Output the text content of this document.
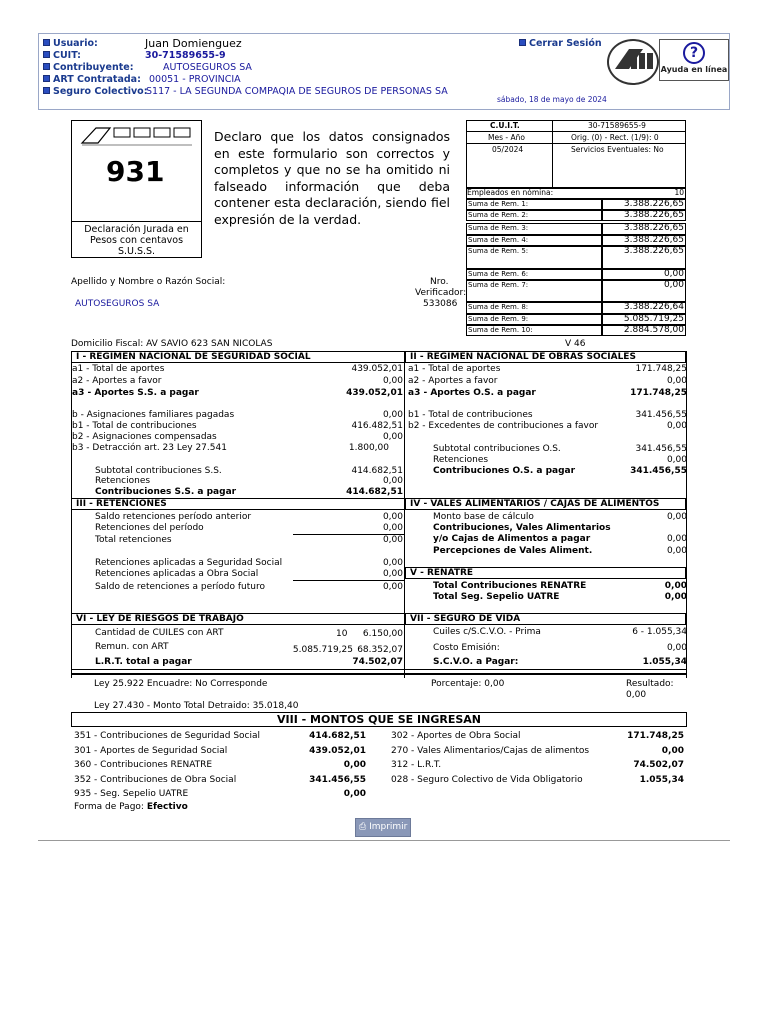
Usuario:	Juan Domienguez
CUIT:	30-71589655-9
Contribuyente:	AUTOSEGUROS SA
ART Contratada: 00051 - PROVINCIA
Seguro Colectivo:
S117 - LA SEGUNDA COMPAQIA DE SEGUROS DE PERSONAS SA
Cerrar Sesión
?
Ayuda en línea
sábado, 18 de mayo de 2024
931
Declaración Jurada en
Pesos con centavos
S.U.S.S.
Declaro que los datos consignados en este formulario son correctos y completos y que no se ha omitido ni falseado información que deba contener esta declaración, siendo fiel expresión de la verdad.
C.U.I.T.	30-71589655-9
Mes - Año	Orig. (0) - Rect. (1/9): 0
05/2024	Servicios Eventuales: No
Empleados en nómina:	10
Suma de Rem. 1:	3.388.226,65
Suma de Rem. 2:	3.388.226,65
Suma de Rem. 3:	3.388.226,65
Suma de Rem. 4:	3.388.226,65
Suma de Rem. 5:	3.388.226,65
Suma de Rem. 6:	0,00
Suma de Rem. 7:	0,00
Suma de Rem. 8:	3.388.226,64
Suma de Rem. 9:	5.085.719,25
Suma de Rem. 10:	2.884.578,00
Apellido y Nombre o Razón Social:
AUTOSEGUROS SA
Nro.
Verificador:
533086
Domicilio Fiscal: AV SAVIO 623 SAN NICOLAS	V 46
I - REGIMEN NACIONAL DE SEGURIDAD SOCIAL	II - REGIMEN NACIONAL DE OBRAS SOCIALES
a1 - Total de aportes	439.052,01
a2 - Aportes a favor	0,00
a3 - Aportes S.S. a pagar	439.052,01
b - Asignaciones familiares pagadas	0,00
b1 - Total de contribuciones	416.482,51
b2 - Asignaciones compensadas	0,00
b3 - Detracción art. 23 Ley 27.541	1.800,00
Subtotal contribuciones S.S.	414.682,51
Retenciones	0,00
Contribuciones S.S. a pagar	414.682,51
a1 - Total de aportes	171.748,25
a2 - Aportes a favor	0,00
a3 - Aportes O.S. a pagar	171.748,25
b1 - Total de contribuciones	341.456,55
b2 - Excedentes de contribuciones a favor	0,00
Subtotal contribuciones O.S.	341.456,55
Retenciones	0,00
Contribuciones O.S. a pagar	341.456,55
III - RETENCIONES
Saldo retenciones período anterior	0,00
Retenciones del período	0,00
Total retenciones	0,00
Retenciones aplicadas a Seguridad Social	0,00
Retenciones aplicadas a Obra Social	0,00
Saldo de retenciones a período futuro	0,00
IV - VALES ALIMENTARIOS / CAJAS DE ALIMENTOS
Monto base de cálculo	0,00
Contribuciones, Vales Alimentarios
y/o Cajas de Alimentos a pagar	0,00
Percepciones de Vales Aliment.	0,00
V - RENATRE
Total Contribuciones RENATRE	0,00
Total Seg. Sepelio UATRE	0,00
VI - LEY DE RIESGOS DE TRABAJO
Cantidad de CUILES con ART	10	6.150,00
Remun. con ART	5.085.719,25 68.352,07
L.R.T. total a pagar	74.502,07
VII - SEGURO DE VIDA
Cuiles c/S.C.V.O. - Prima	6 - 1.055,34
Costo Emisión:	0,00
S.C.V.O. a Pagar:	1.055,34
Ley 25.922 Encuadre: No Corresponde	Porcentaje: 0,00	Resultado:
0,00
Ley 27.430 - Monto Total Detraido: 35.018,40
VIII - MONTOS QUE SE INGRESAN
351 - Contribuciones de Seguridad Social	414.682,51
301 - Aportes de Seguridad Social	439.052,01
360 - Contribuciones RENATRE	0,00
352 - Contribuciones de Obra Social	341.456,55
935 - Seg. Sepelio UATRE	0,00
302 - Aportes de Obra Social	171.748,25
270 - Vales Alimentarios/Cajas de alimentos	0,00
312 - L.R.T.	74.502,07
028 - Seguro Colectivo de Vida Obligatorio	1.055,34
Forma de Pago: Efectivo
⎙ Imprimir
